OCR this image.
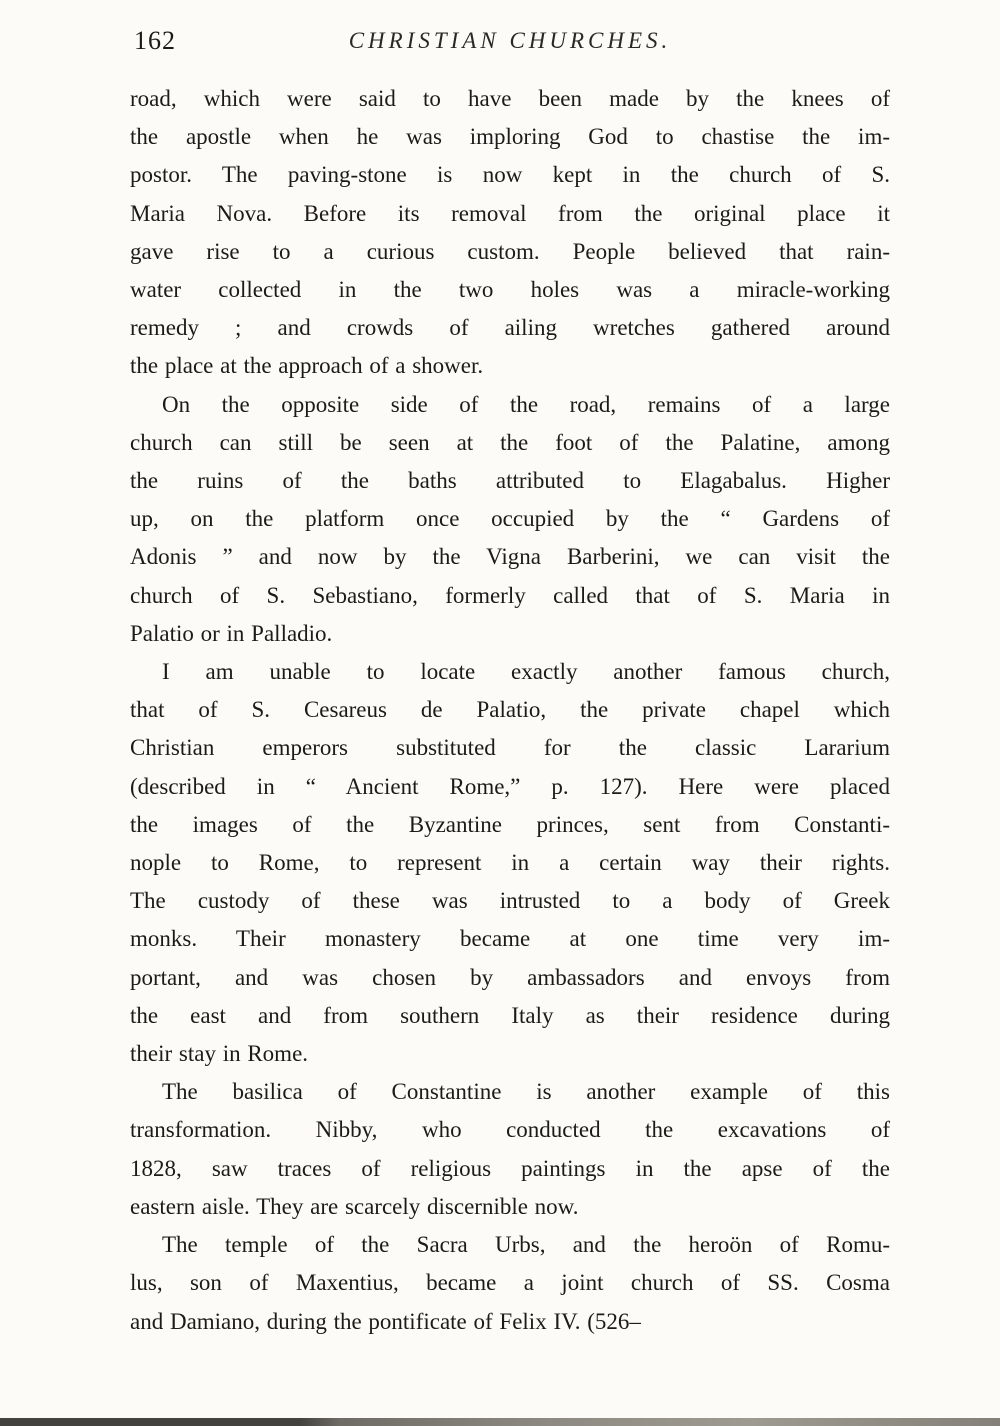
162	CHRISTIAN CHURCHES.
road, which were said to have been made by the knees of
the apostle when he was imploring God to chastise the im-
postor. The paving-stone is now kept in the church of S.
Maria Nova. Before its removal from the original place it
gave rise to a curious custom. People believed that rain-
water collected in the two holes was a miracle-working
remedy ; and crowds of ailing wretches gathered around
the place at the approach of a shower.
On the opposite side of the road, remains of a large
church can still be seen at the foot of the Palatine, among
the ruins of the baths attributed to Elagabalus. Higher
up, on the platform once occupied by the “ Gardens of
Adonis ” and now by the Vigna Barberini, we can visit the
church of S. Sebastiano, formerly called that of S. Maria in
Palatio or in Palladio.
I am unable to locate exactly another famous church,
that of S. Cesareus de Palatio, the private chapel which
Christian emperors substituted for the classic Lararium
(described in “ Ancient Rome,” p. 127). Here were placed
the images of the Byzantine princes, sent from Constanti-
nople to Rome, to represent in a certain way their rights.
The custody of these was intrusted to a body of Greek
monks. Their monastery became at one time very im-
portant, and was chosen by ambassadors and envoys from
the east and from southern Italy as their residence during
their stay in Rome.
The basilica of Constantine is another example of this
transformation. Nibby, who conducted the excavations of
1828, saw traces of religious paintings in the apse of the
eastern aisle. They are scarcely discernible now.
The temple of the Sacra Urbs, and the heroön of Romu-
lus, son of Maxentius, became a joint church of SS. Cosma
and Damiano, during the pontificate of Felix IV. (526–
